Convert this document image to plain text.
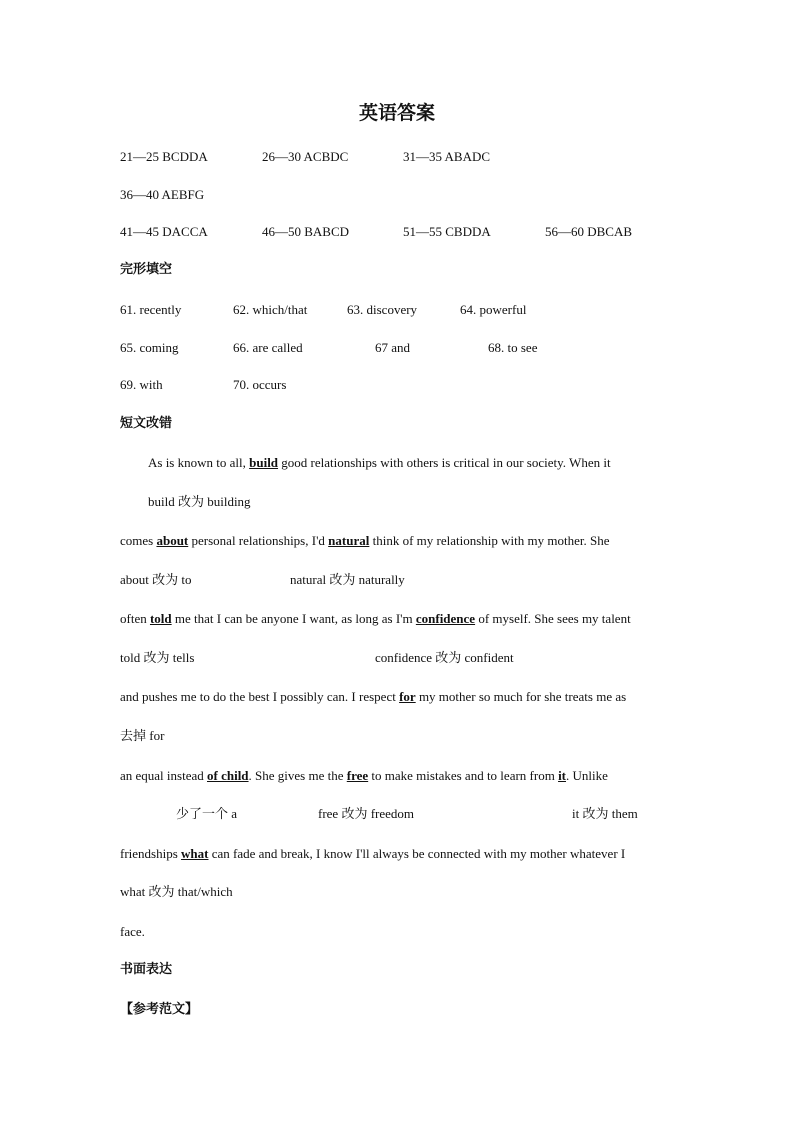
英语答案
21—25 BCDDA	26—30 ACBDC	31—35 ABADC
36—40 AEBFG
41—45 DACCA	46—50 BABCD	51—55 CBDDA	56—60 DBCAB
完形填空
61. recently	62. which/that	63. discovery	64. powerful
65. coming	66. are called	67 and	68. to see
69. with	70. occurs
短文改错
As is known to all, build good relationships with others is critical in our society. When it
build 改为 building
comes about personal relationships, I'd natural think of my relationship with my mother. She
about 改为 to	natural 改为 naturally
often told me that I can be anyone I want, as long as I'm confidence of myself. She sees my talent
told 改为 tells	confidence 改为 confident
and pushes me to do the best I possibly can. I respect for my mother so much for she treats me as
去掉 for
an equal instead of child. She gives me the free to make mistakes and to learn from it. Unlike
少了一个 a	free 改为 freedom	it 改为 them
friendships what can fade and break, I know I'll always be connected with my mother whatever I
what 改为 that/which
face.
书面表达
【参考范文】
